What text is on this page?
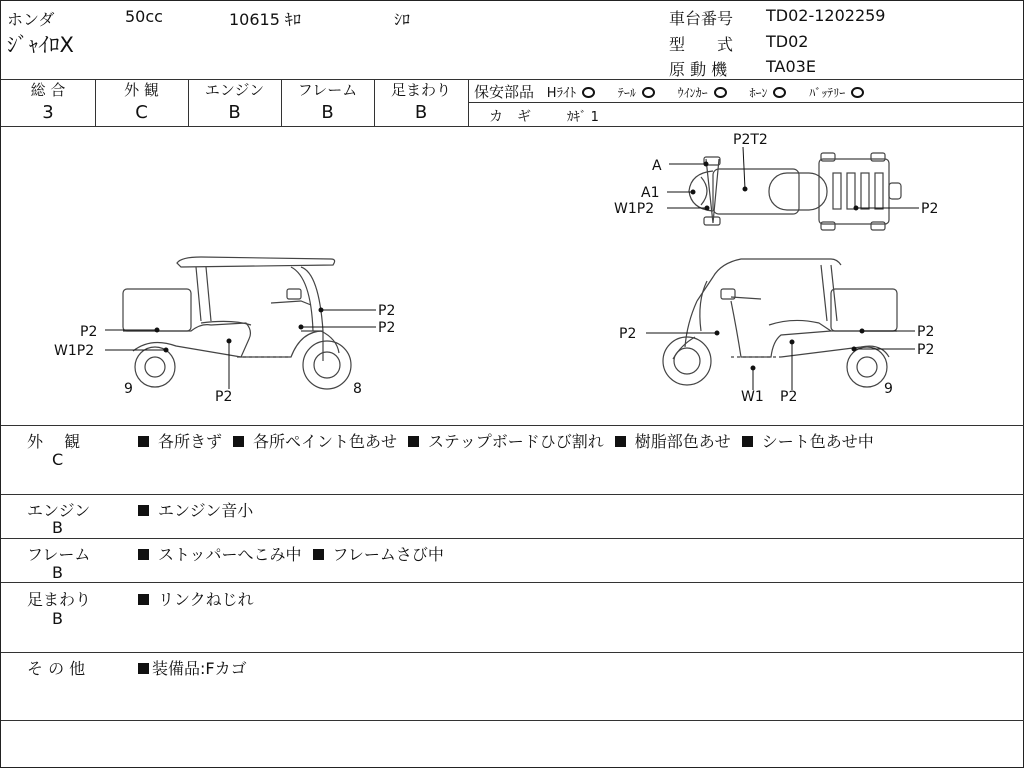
ホンダ	50cc	10615 ｷﾛ	ｼﾛ
ｼﾞｬｲﾛX
車台番号 TD02-1202259
型　　式 TD02
原 動 機 TA03E
総 合	外 観	エンジン	フレーム	足まわり
3	C	B	B	B
保安部品 Hﾗｲﾄ	ﾃｰﾙ	ｳｲﾝｶｰ	ﾎｰﾝ	ﾊﾞｯﾃﾘｰ
カ　ギ	ｶｷﾞ 1
A
A1
W1P2
P2T2
P2
P2
P2
P2
W1P2
P2
9	8
P2	P2
P2
W1 P2	9
外　 観
C
各所きず 各所ペイント色あせ ステップボードひび割れ 樹脂部色あせ シート色あせ中
エンジン
B
エンジン音小
フレーム
B
ストッパーへこみ中 フレームさび中
足まわり
B
リンクねじれ
そ の 他	装備品:Fカゴ
